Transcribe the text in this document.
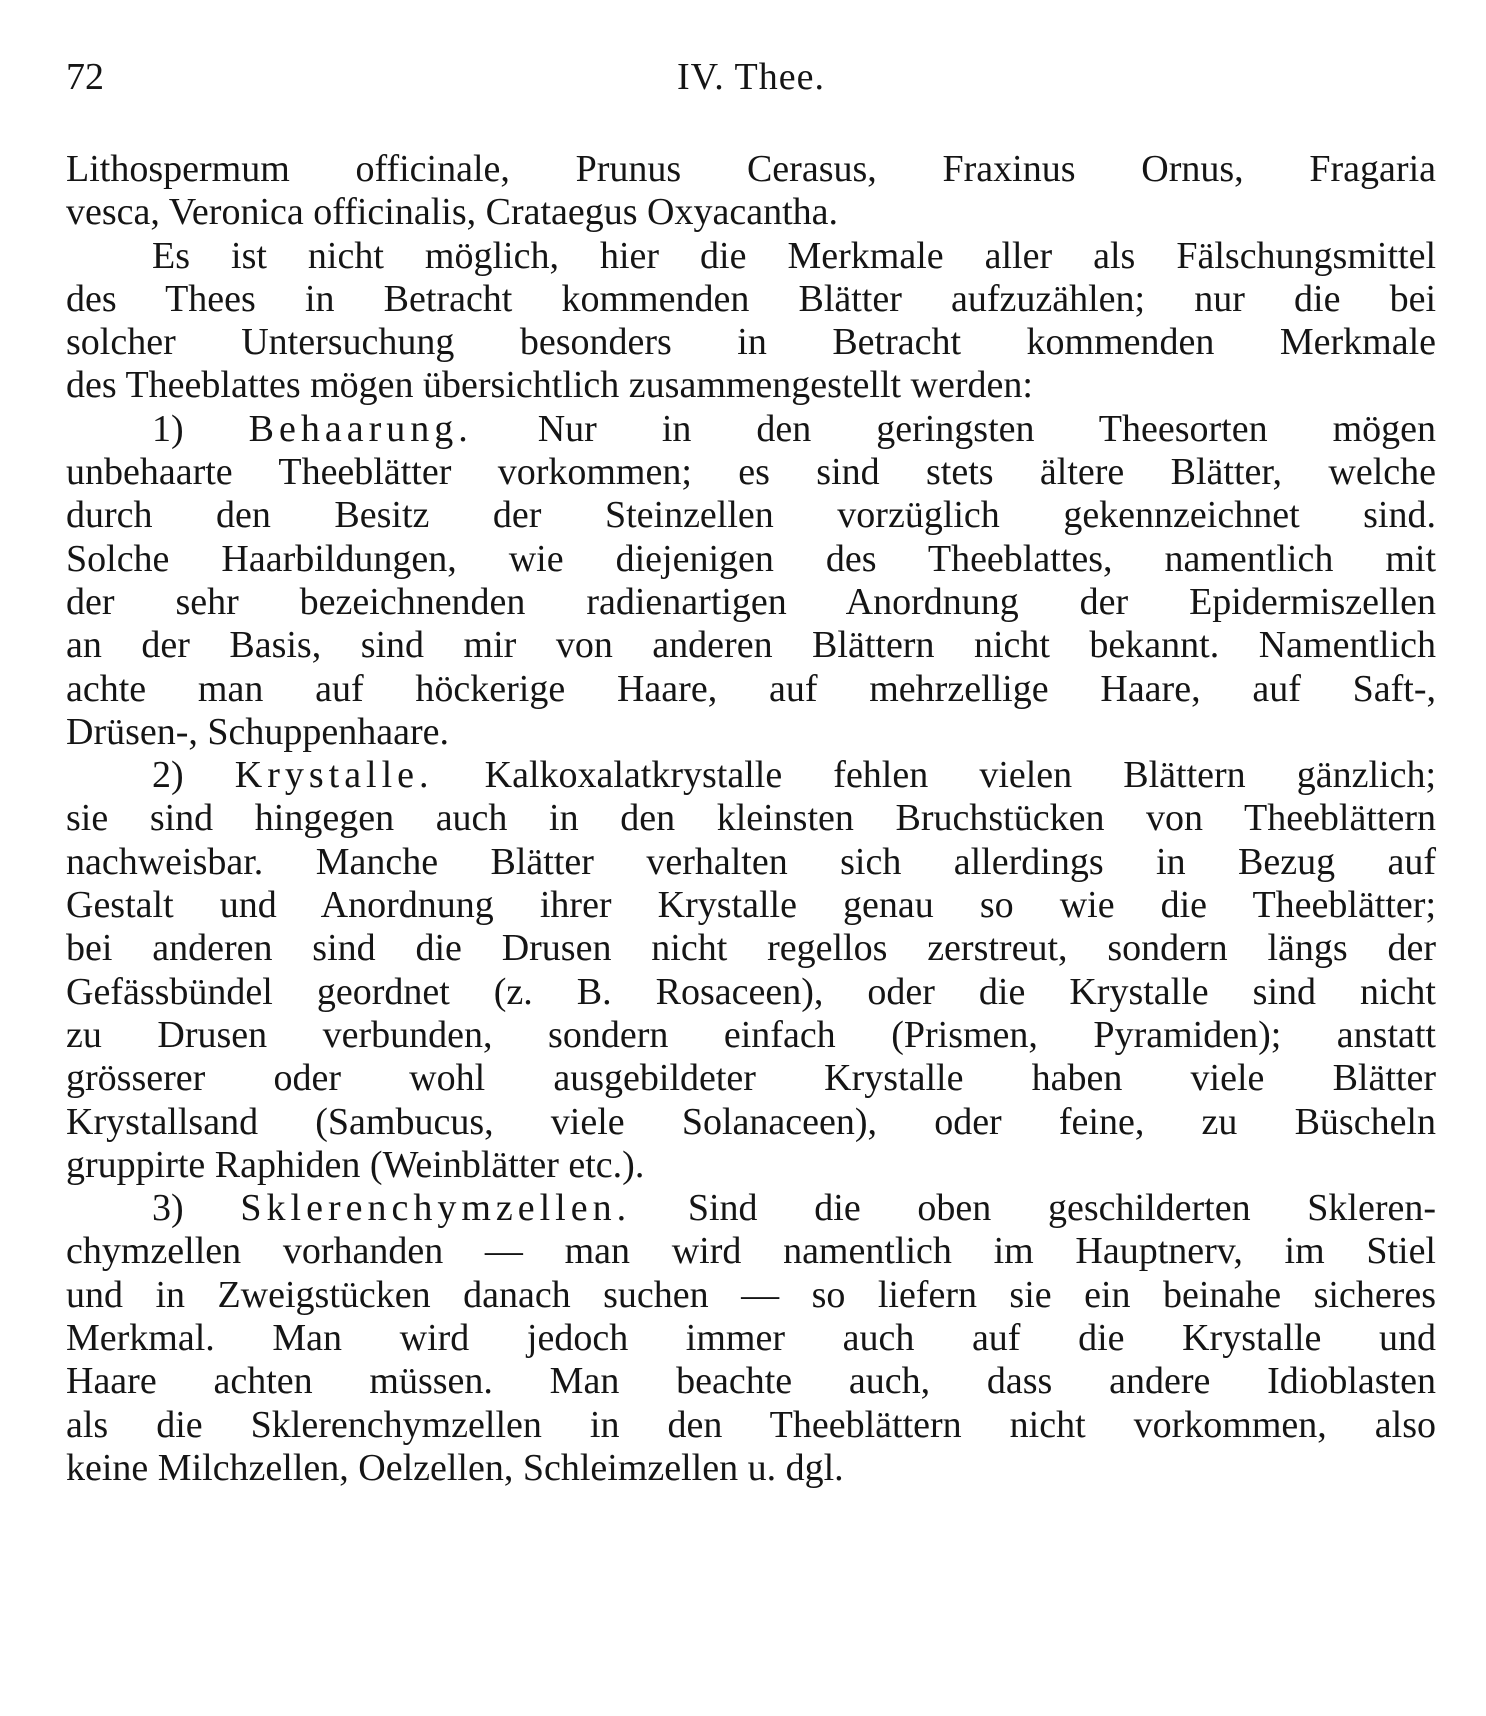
72	IV. Thee.
Lithospermum officinale, Prunus Cerasus, Fraxinus Ornus, Fragaria
vesca, Veronica officinalis, Crataegus Oxyacantha.
Es ist nicht möglich, hier die Merkmale aller als Fälschungsmittel
des Thees in Betracht kommenden Blätter aufzuzählen; nur die bei
solcher Untersuchung besonders in Betracht kommenden Merkmale
des Theeblattes mögen übersichtlich zusammengestellt werden:
1) Behaarung. Nur in den geringsten Theesorten mögen
unbehaarte Theeblätter vorkommen; es sind stets ältere Blätter, welche
durch den Besitz der Steinzellen vorzüglich gekennzeichnet sind.
Solche Haarbildungen, wie diejenigen des Theeblattes, namentlich mit
der sehr bezeichnenden radienartigen Anordnung der Epidermiszellen
an der Basis, sind mir von anderen Blättern nicht bekannt. Namentlich
achte man auf höckerige Haare, auf mehrzellige Haare, auf Saft-,
Drüsen-, Schuppenhaare.
2) Krystalle. Kalkoxalatkrystalle fehlen vielen Blättern gänzlich;
sie sind hingegen auch in den kleinsten Bruchstücken von Theeblättern
nachweisbar. Manche Blätter verhalten sich allerdings in Bezug auf
Gestalt und Anordnung ihrer Krystalle genau so wie die Theeblätter;
bei anderen sind die Drusen nicht regellos zerstreut, sondern längs der
Gefässbündel geordnet (z. B. Rosaceen), oder die Krystalle sind nicht
zu Drusen verbunden, sondern einfach (Prismen, Pyramiden); anstatt
grösserer oder wohl ausgebildeter Krystalle haben viele Blätter
Krystallsand (Sambucus, viele Solanaceen), oder feine, zu Büscheln
gruppirte Raphiden (Weinblätter etc.).
3) Sklerenchymzellen. Sind die oben geschilderten Skleren-
chymzellen vorhanden — man wird namentlich im Hauptnerv, im Stiel
und in Zweigstücken danach suchen — so liefern sie ein beinahe sicheres
Merkmal. Man wird jedoch immer auch auf die Krystalle und
Haare achten müssen. Man beachte auch, dass andere Idioblasten
als die Sklerenchymzellen in den Theeblättern nicht vorkommen, also
keine Milchzellen, Oelzellen, Schleimzellen u. dgl.
